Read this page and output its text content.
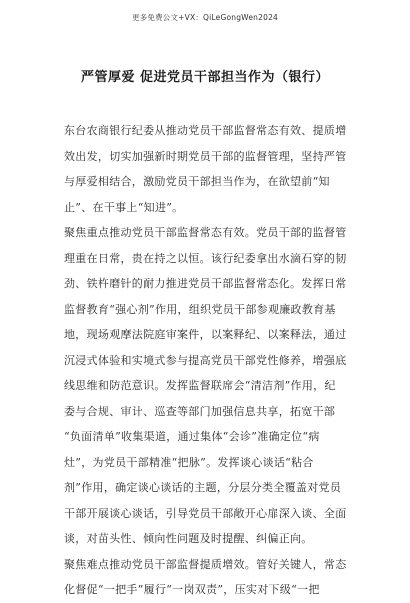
更多免费公文+VX：QiLeGongWen2024
严管厚爱 促进党员干部担当作为（银行）
东台农商银行纪委从推动党员干部监督常态有效、提质增
效出发，切实加强新时期党员干部的监督管理，坚持严管
与厚爱相结合，激励党员干部担当作为，在欲望前“知
止”、在干事上“知进”。
聚焦重点推动党员干部监督常态有效。党员干部的监督管
理重在日常，贵在持之以恒。该行纪委拿出水滴石穿的韧
劲、铁杵磨针的耐力推进党员干部监督常态化。发挥日常
监督教育“强心剂”作用，组织党员干部参观廉政教育基
地，现场观摩法院庭审案件，以案释纪、以案释法，通过
沉浸式体验和实境式参与提高党员干部党性修养，增强底
线思维和防范意识。发挥监督联席会“清洁剂”作用，纪
委与合规、审计、巡查等部门加强信息共享，拓宽干部
“负面清单”收集渠道，通过集体“会诊”准确定位“病
灶”，为党员干部精准“把脉”。发挥谈心谈话“粘合
剂”作用，确定谈心谈话的主题，分层分类全覆盖对党员
干部开展谈心谈话，引导党员干部敞开心扉深入谈、全面
谈，对苗头性、倾向性问题及时提醒、纠偏正向。
聚焦难点推动党员干部监督提质增效。管好关键人，常态
化督促“一把手”履行“一岗双责”，压实对下级“一把
